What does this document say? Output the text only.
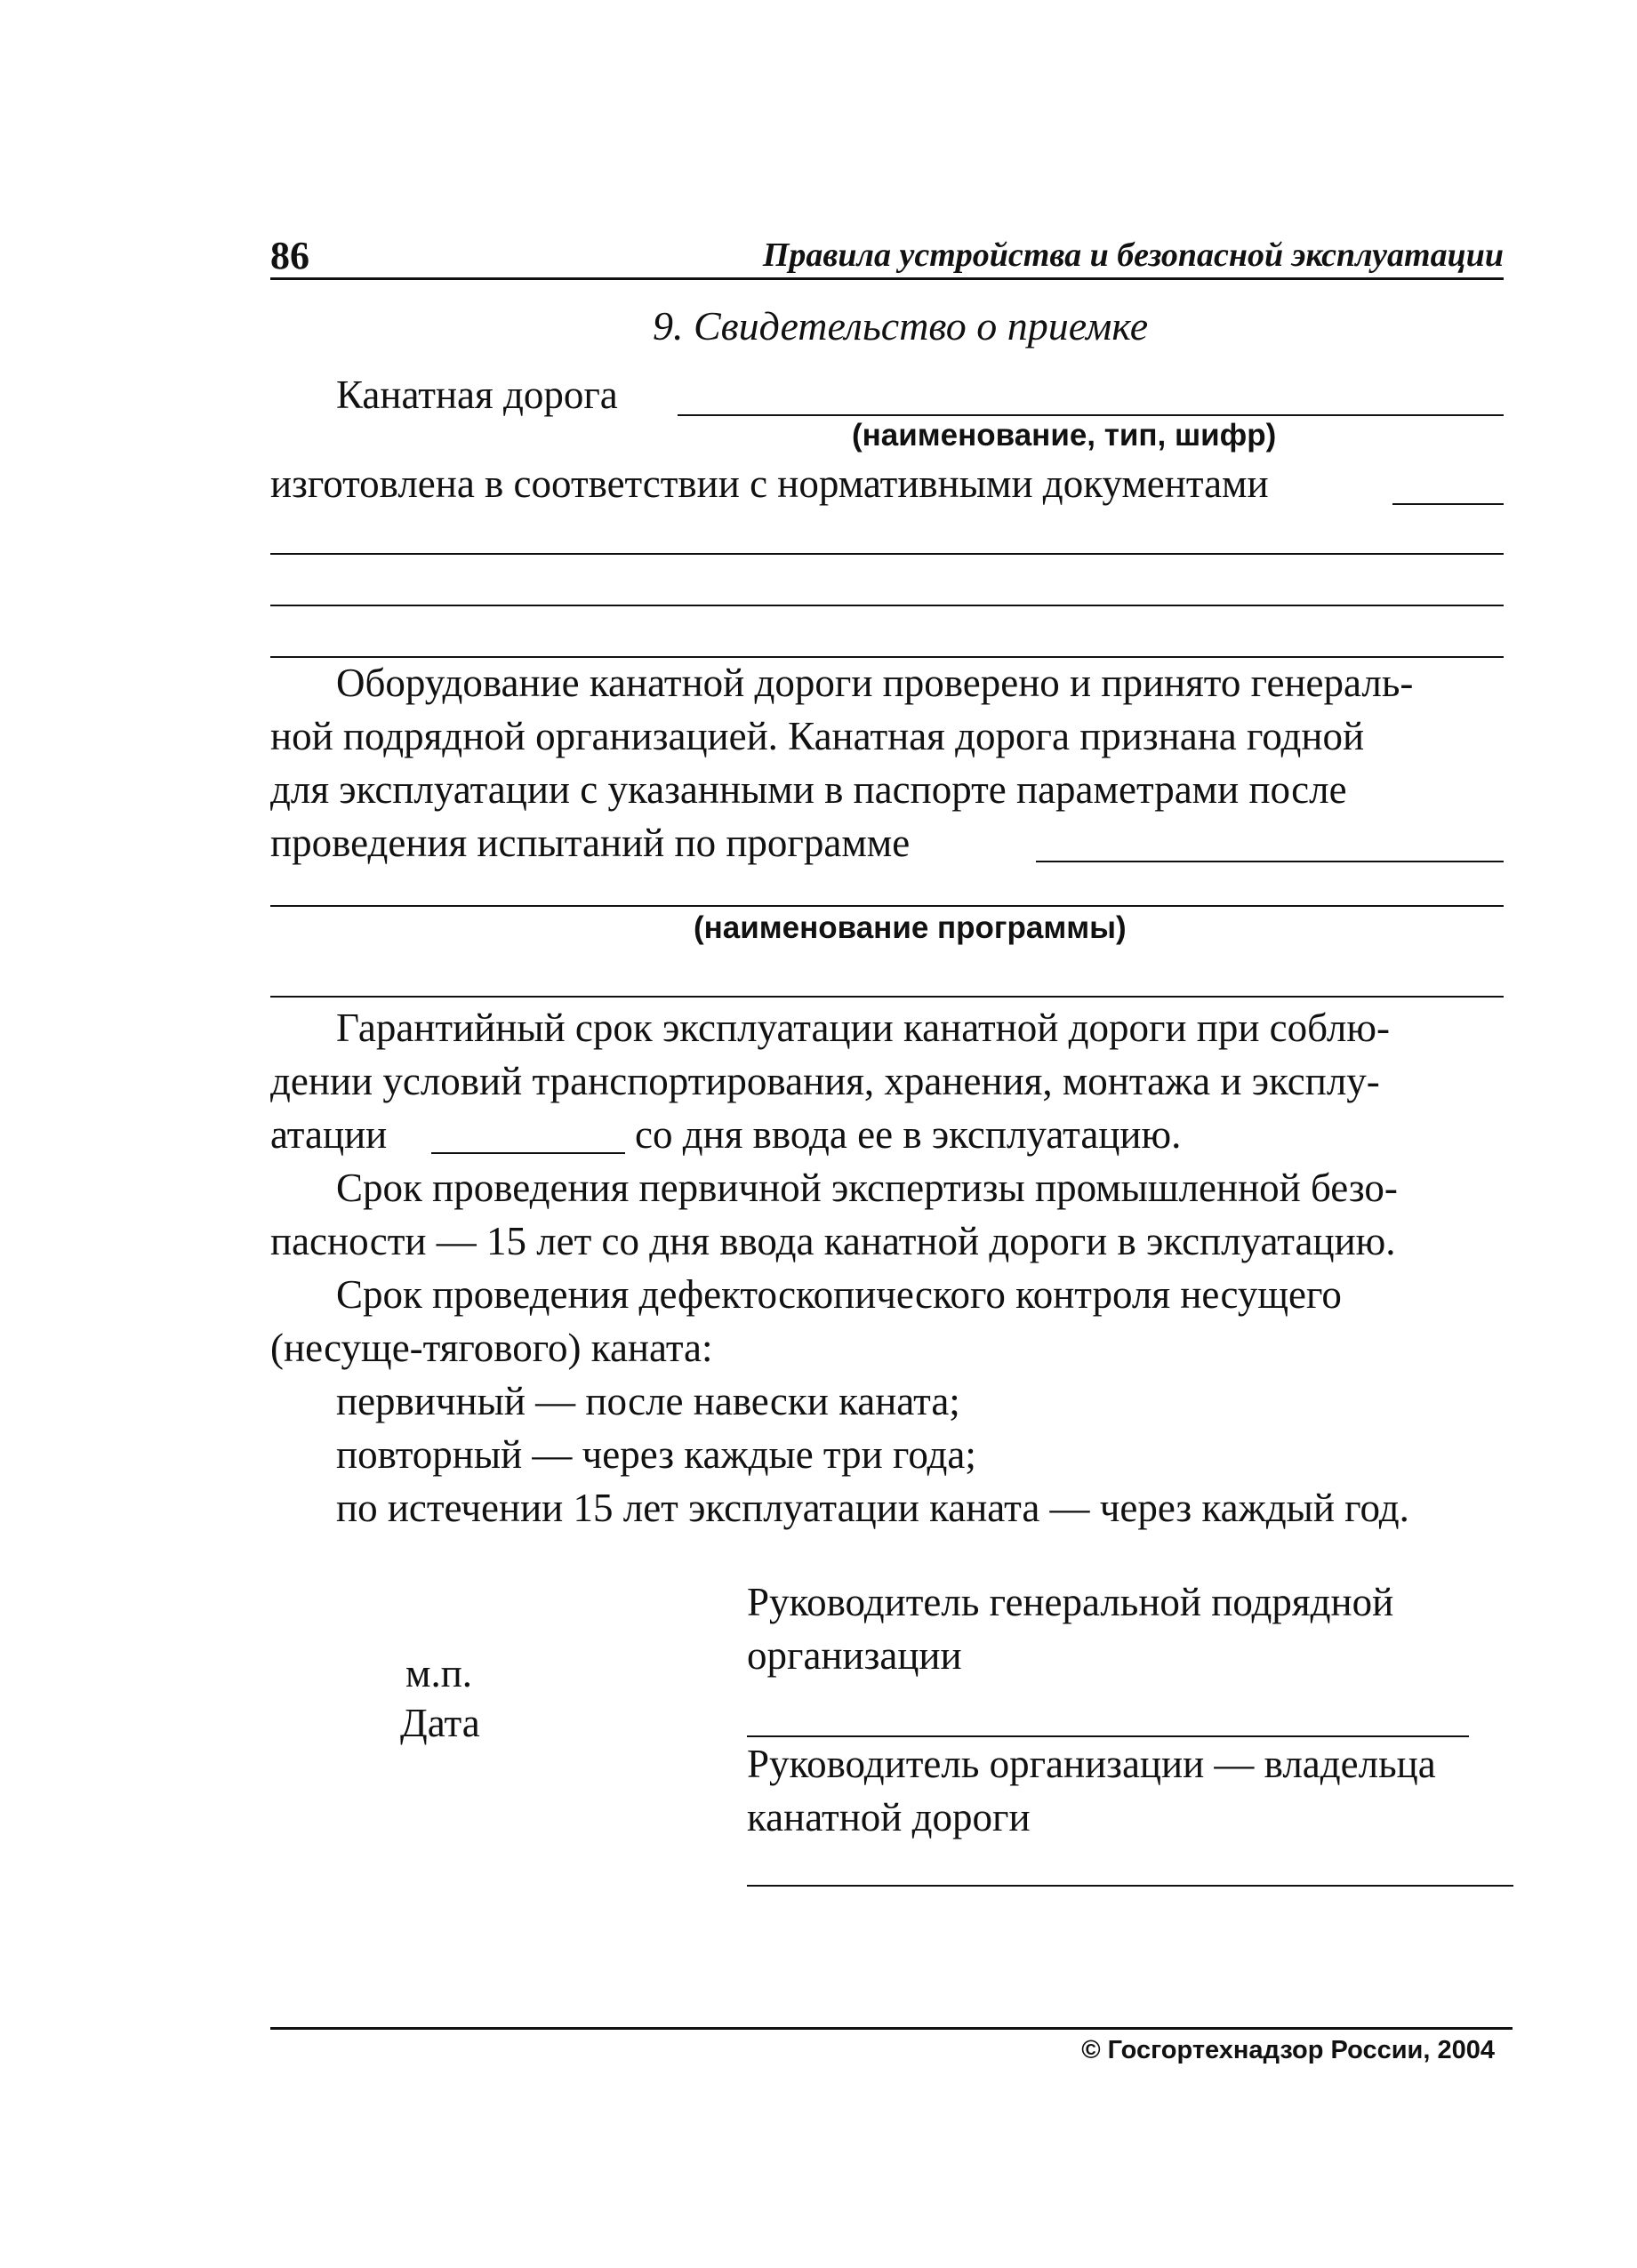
86	Правила устройства и безопасной эксплуатации
9. Свидетельство о приемке
Канатная дорога
(наименование, тип, шифр)
изготовлена в соответствии с нормативными документами
Оборудование канатной дороги проверено и принято генераль-
ной подрядной организацией. Канатная дорога признана годной
для эксплуатации с указанными в паспорте параметрами после
проведения испытаний по программе
(наименование программы)
Гарантийный срок эксплуатации канатной дороги при соблю-
дении условий транспортирования, хранения, монтажа и эксплу-
атации	со дня ввода ее в эксплуатацию.
Срок проведения первичной экспертизы промышленной безо-
пасности — 15 лет со дня ввода канатной дороги в эксплуатацию.
Срок проведения дефектоскопического контроля несущего
(несуще-тягового) каната:
первичный — после навески каната;
повторный — через каждые три года;
по истечении 15 лет эксплуатации каната — через каждый год.
Руководитель генеральной подрядной
организации
м.п.
Дата
Руководитель организации — владельца
канатной дороги
© Госгортехнадзор России, 2004
